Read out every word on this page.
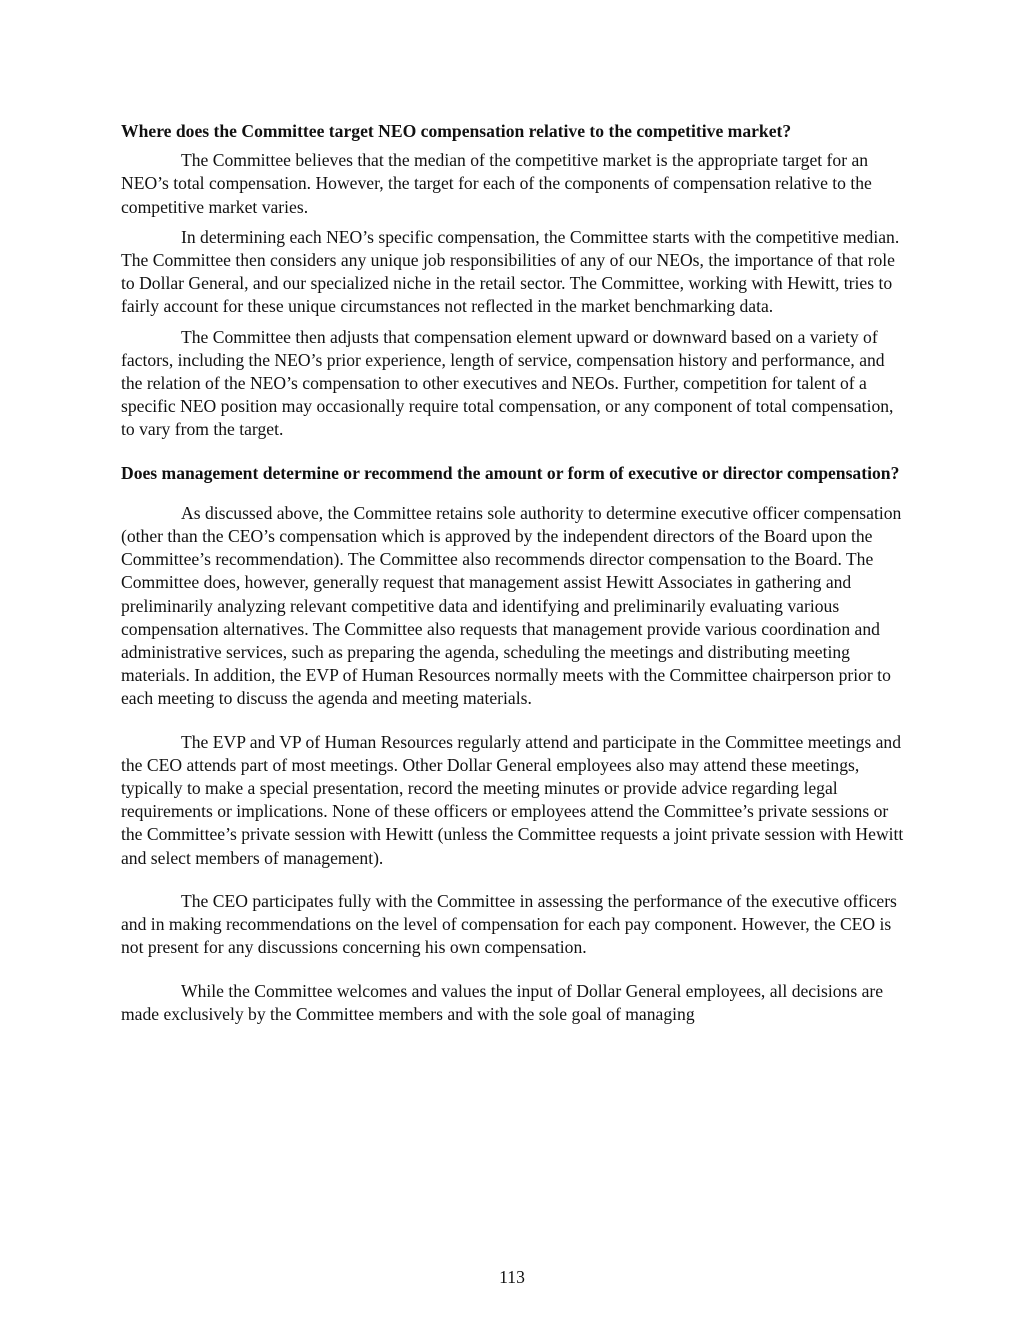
Where does the Committee target NEO compensation relative to the competitive market?

The Committee believes that the median of the competitive market is the appropriate target for an NEO’s total compensation. However, the target for each of the components of compensation relative to the competitive market varies.

In determining each NEO’s specific compensation, the Committee starts with the competitive median. The Committee then considers any unique job responsibilities of any of our NEOs, the importance of that role to Dollar General, and our specialized niche in the retail sector. The Committee, working with Hewitt, tries to fairly account for these unique circumstances not reflected in the market benchmarking data.

The Committee then adjusts that compensation element upward or downward based on a variety of factors, including the NEO’s prior experience, length of service, compensation history and performance, and the relation of the NEO’s compensation to other executives and NEOs. Further, competition for talent of a specific NEO position may occasionally require total compensation, or any component of total compensation, to vary from the target.

Does management determine or recommend the amount or form of executive or director compensation?

As discussed above, the Committee retains sole authority to determine executive officer compensation (other than the CEO’s compensation which is approved by the independent directors of the Board upon the Committee’s recommendation). The Committee also recommends director compensation to the Board. The Committee does, however, generally request that management assist Hewitt Associates in gathering and preliminarily analyzing relevant competitive data and identifying and preliminarily evaluating various compensation alternatives. The Committee also requests that management provide various coordination and administrative services, such as preparing the agenda, scheduling the meetings and distributing meeting materials. In addition, the EVP of Human Resources normally meets with the Committee chairperson prior to each meeting to discuss the agenda and meeting materials.

The EVP and VP of Human Resources regularly attend and participate in the Committee meetings and the CEO attends part of most meetings. Other Dollar General employees also may attend these meetings, typically to make a special presentation, record the meeting minutes or provide advice regarding legal requirements or implications. None of these officers or employees attend the Committee’s private sessions or the Committee’s private session with Hewitt (unless the Committee requests a joint private session with Hewitt and select members of management).

The CEO participates fully with the Committee in assessing the performance of the executive officers and in making recommendations on the level of compensation for each pay component. However, the CEO is not present for any discussions concerning his own compensation.

While the Committee welcomes and values the input of Dollar General employees, all decisions are made exclusively by the Committee members and with the sole goal of managing

113
